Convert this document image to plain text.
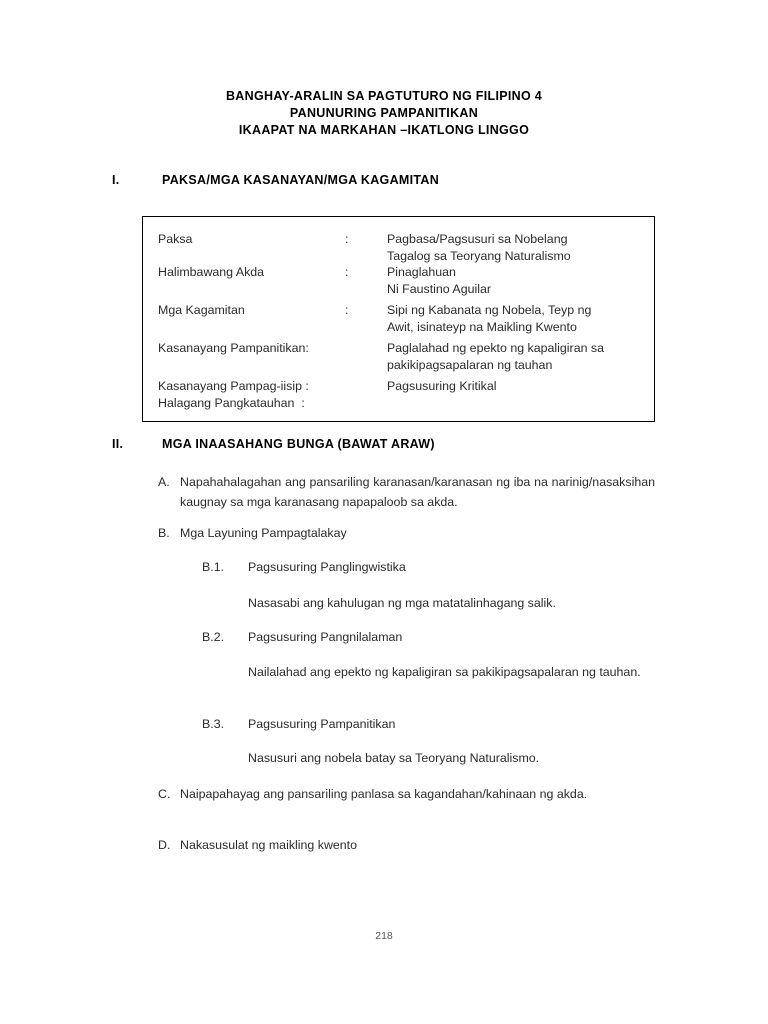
BANGHAY-ARALIN SA PAGTUTURO NG FILIPINO 4
PANUNURING PAMPANITIKAN
IKAAPAT NA MARKAHAN –IKATLONG LINGGO
I.	PAKSA/MGA KASANAYAN/MGA KAGAMITAN
Paksa	:	Pagbasa/Pagsusuri sa Nobelang
Tagalog sa Teoryang Naturalismo

Halimbawang Akda	:	Pinaglahuan
Ni Faustino Aguilar

Mga Kagamitan	:	Sipi ng Kabanata ng Nobela, Teyp ng
Awit, isinateyp na Maikling Kwento

Kasanayang Pampanitikan:		Paglalahad ng epekto ng kapaligiran sa
pakikipagsapalaran ng tauhan

Kasanayang Pampag-iisip :		Pagsusuring Kritikal

Halagang Pangkatauhan :		
II.	MGA INAASAHANG BUNGA (BAWAT ARAW)
A. Napahahalagahan ang pansariling karanasan/karanasan ng iba na narinig/nasaksihan kaugnay sa mga karanasang napapaloob sa akda.
B. Mga Layuning Pampagtalakay
B.1.	Pagsusuring Panglingwistika
Nasasabi ang kahulugan ng mga matatalinhagang salik.
B.2.	Pagsusuring Pangnilalaman
Nailalahad ang epekto ng kapaligiran sa pakikipagsapalaran ng tauhan.
B.3.	Pagsusuring Pampanitikan
Nasusuri ang nobela batay sa Teoryang Naturalismo.
C. Naipapahayag ang pansariling panlasa sa kagandahan/kahinaan ng akda.
D. Nakasusulat ng maikling kwento
218
